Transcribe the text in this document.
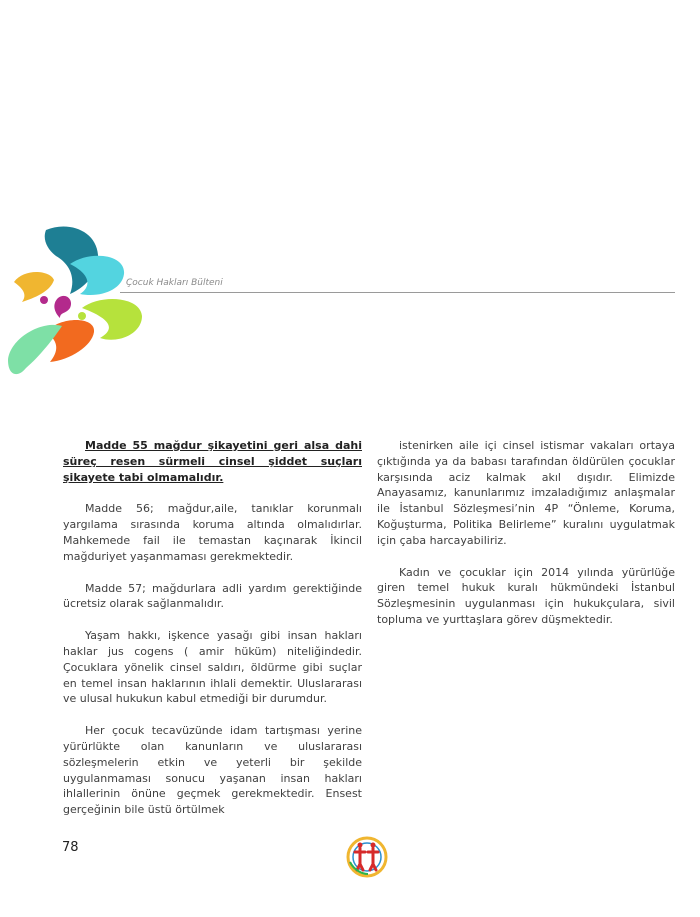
Çocuk Hakları Bülteni

Madde 55 mağdur şikayetini geri alsa dahi süreç resen sürmeli cinsel şiddet suçları şikayete tabi olmamalıdır.

Madde 56; mağdur,aile, tanıklar korunmalı yargılama sırasında koruma altında olmalıdırlar. Mahkemede fail ile temastan kaçınarak İkincil mağduriyet yaşanmaması gerekmektedir.

Madde 57; mağdurlara adli yardım gerektiğinde ücretsiz olarak sağlanmalıdır.

Yaşam hakkı, işkence yasağı gibi insan hakları haklar jus cogens ( amir hüküm) niteliğindedir. Çocuklara yönelik cinsel saldırı, öldürme gibi suçlar en temel insan haklarının ihlali demektir. Uluslararası ve ulusal hukukun kabul etmediği bir durumdur.

Her çocuk tecavüzünde idam tartışması yerine yürürlükte olan kanunların ve uluslararası sözleşmelerin etkin ve yeterli bir şekilde uygulanmaması sonucu yaşanan insan hakları ihlallerinin önüne geçmek gerekmektedir. Ensest gerçeğinin bile üstü örtülmek

istenirken aile içi cinsel istismar vakaları ortaya çıktığında ya da babası tarafından öldürülen çocuklar karşısında aciz kalmak akıl dışıdır. Elimizde Anayasamız, kanunlarımız imzaladığımız anlaşmalar ile İstanbul Sözleşmesi’nin 4P “Önleme, Koruma, Koğuşturma, Politika Belirleme” kuralını uygulatmak için çaba harcayabiliriz.

Kadın ve çocuklar için 2014 yılında yürürlüğe giren temel hukuk kuralı hükmündeki İstanbul Sözleşmesinin uygulanması için hukukçulara, sivil topluma ve yurttaşlara görev düşmektedir.

78
